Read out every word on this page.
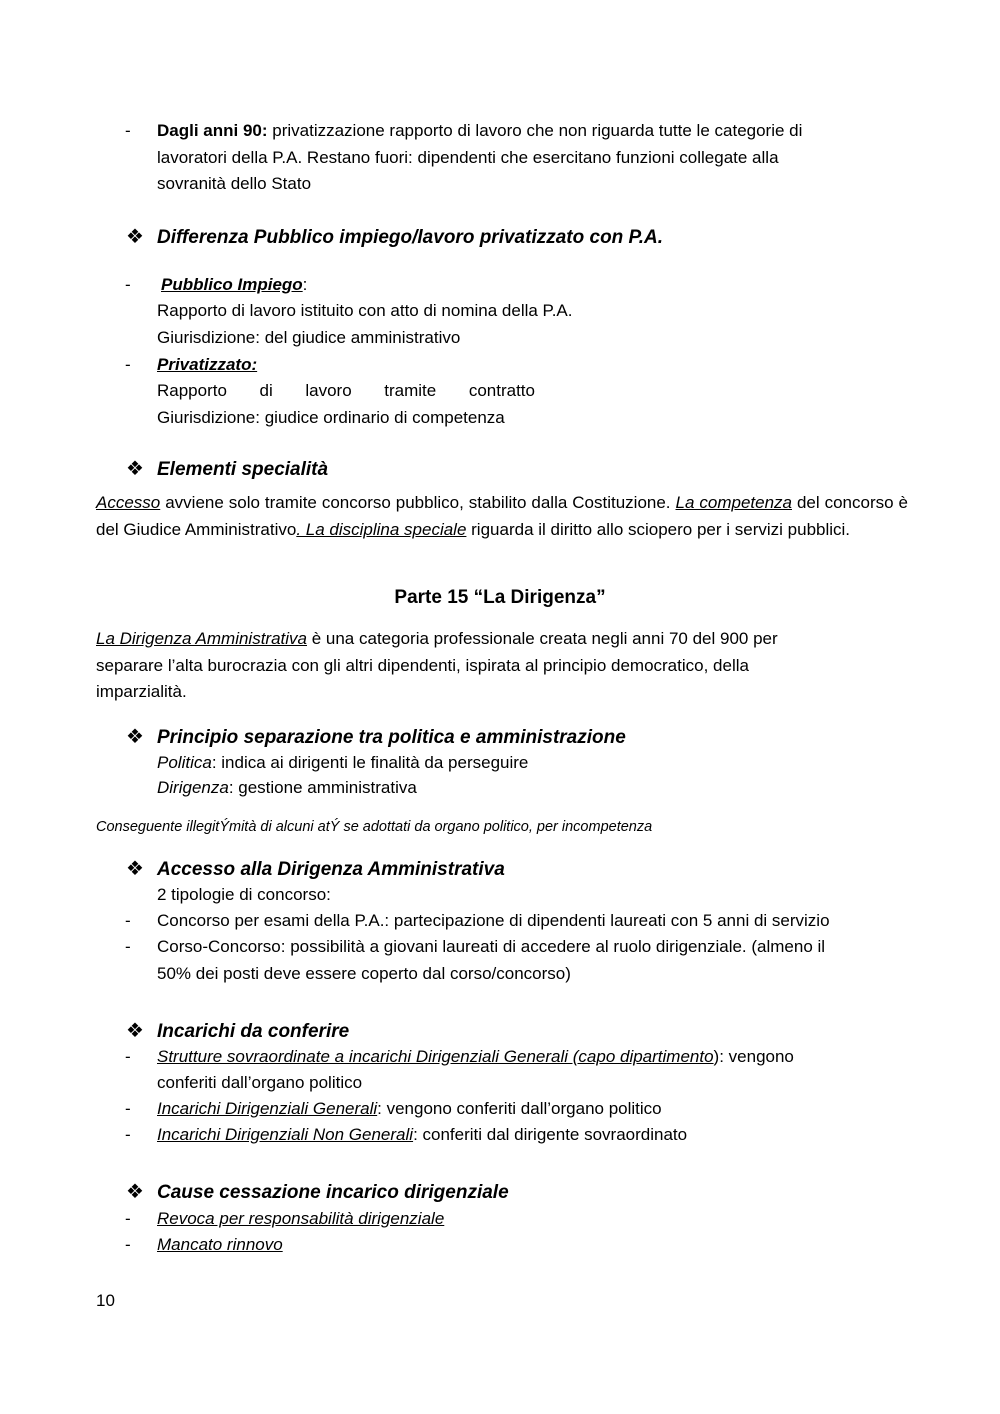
- Dagli anni 90: privatizzazione rapporto di lavoro che non riguarda tutte le categorie di
lavoratori della P.A. Restano fuori: dipendenti che esercitano funzioni collegate alla
sovranità dello Stato
❖ Differenza Pubblico impiego/lavoro privatizzato con P.A.
- Pubblico Impiego:
Rapporto di lavoro istituito con atto di nomina della P.A.
Giurisdizione: del giudice amministrativo
- Privatizzato:
Rapporto di lavoro tramite contratto
Giurisdizione: giudice ordinario di competenza
❖ Elementi specialità
Accesso avviene solo tramite concorso pubblico, stabilito dalla Costituzione. La competenza del concorso è del Giudice Amministrativo. La disciplina speciale riguarda il diritto allo sciopero per i servizi pubblici.
Parte 15 “La Dirigenza”
La Dirigenza Amministrativa è una categoria professionale creata negli anni 70 del 900 per
separare l’alta burocrazia con gli altri dipendenti, ispirata al principio democratico, della
imparzialità.
❖ Principio separazione tra politica e amministrazione
Politica: indica ai dirigenti le finalità da perseguire
Dirigenza: gestione amministrativa
Conseguente illegitÝmità di alcuni atÝ se adottati da organo politico, per incompetenza
❖ Accesso alla Dirigenza Amministrativa
2 tipologie di concorso:
- Concorso per esami della P.A.: partecipazione di dipendenti laureati con 5 anni di servizio
- Corso-Concorso: possibilità a giovani laureati di accedere al ruolo dirigenziale. (almeno il
50% dei posti deve essere coperto dal corso/concorso)
❖ Incarichi da conferire
- Strutture sovraordinate a incarichi Dirigenziali Generali (capo dipartimento): vengono
conferiti dall’organo politico
- Incarichi Dirigenziali Generali: vengono conferiti dall’organo politico
- Incarichi Dirigenziali Non Generali: conferiti dal dirigente sovraordinato
❖ Cause cessazione incarico dirigenziale
- Revoca per responsabilità dirigenziale
- Mancato rinnovo
10
